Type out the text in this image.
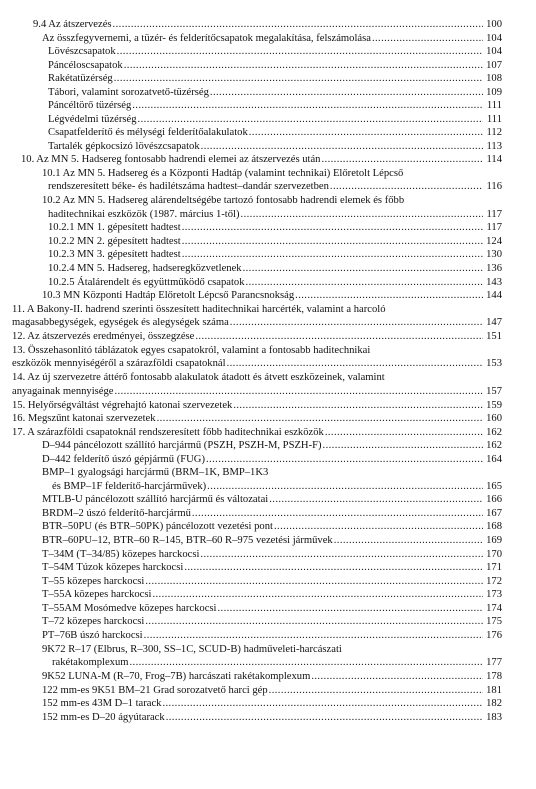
9.4 Az átszervezés .....	100
Az összfegyvernemi, a tüzér- és felderítőcsapatok megalakítása, felszámolása .....	104
Lövészcsapatok .....	104
Páncéloscsapatok .....	107
Rakétatüzérség .....	108
Tábori, valamint sorozatvető-tüzérség .....	109
Páncéltörő tüzérség .....	111
Légvédelmi tüzérség .....	111
Csapatfelderítő és mélységi felderítőalakulatok .....	112
Tartalék gépkocsizó lövészcsapatok .....	113
10. Az MN 5. Hadsereg fontosabb hadrendi elemei az átszervezés után .....	114
10.1 Az MN 5. Hadsereg és a Központi Hadtáp (valamint technikai) Előretolt Lépcső
rendszeresített béke- és hadilétszáma hadtest–dandár szervezetben .....	116
10.2 Az MN 5. Hadsereg alárendeltségébe tartozó fontosabb hadrendi elemek és főbb
haditechnikai eszközök (1987. március 1-től) .....	117
10.2.1 MN 1. gépesített hadtest .....	117
10.2.2 MN 2. gépesített hadtest .....	124
10.2.3 MN 3. gépesített hadtest .....	130
10.2.4 MN 5. Hadsereg, hadseregközvetlenek .....	136
10.2.5 Átalárendelt és együttműködő csapatok .....	143
10.3 MN Központi Hadtáp Előretolt Lépcső Parancsnokság .....	144
11. A Bakony-II. hadrend szerinti összesített haditechnikai harcérték, valamint a harcoló
magasabbegységek, egységek és alegységek száma .....	147
12. Az átszervezés eredményei, összegzése .....	151
13. Összehasonlító táblázatok egyes csapatokról, valamint a fontosabb haditechnikai
eszközök mennyiségéről a szárazföldi csapatoknál .....	153
14. Az új szervezetre áttérő fontosabb alakulatok átadott és átvett eszközeinek, valamint
anyagainak mennyisége .....	157
15. Helyőrségváltást végrehajtó katonai szervezetek .....	159
16. Megszűnt katonai szervezetek .....	160
17. A szárazföldi csapatoknál rendszeresített főbb haditechnikai eszközök .....	162
D–944 páncélozott szállító harcjármű (PSZH, PSZH-M, PSZH-F) .....	162
D–442 felderítő úszó gépjármű (FUG) .....	164
BMP–1 gyalogsági harcjármű (BRM–1K, BMP–1K3
és BMP–1F felderítő-harcjárművek) .....	165
MTLB-U páncélozott szállító harcjármű és változatai .....	166
BRDM–2 úszó felderítő-harcjármű .....	167
BTR–50PU (és BTR–50PK) páncélozott vezetési pont .....	168
BTR–60PU–12, BTR–60 R–145, BTR–60 R–975 vezetési járművek .....	169
T–34M (T–34/85) közepes harckocsi .....	170
T–54M Túzok közepes harckocsi .....	171
T–55 közepes harckocsi .....	172
T–55A közepes harckocsi .....	173
T–55AM Mosómedve közepes harckocsi .....	174
T–72 közepes harckocsi .....	175
PT–76B úszó harckocsi .....	176
9K72 R–17 (Elbrus, R–300, SS–1C, SCUD-B) hadműveleti-harcászati
rakétakomplexum .....	177
9K52 LUNA-M (R–70, Frog–7B) harcászati rakétakomplexum .....	178
122 mm-es 9K51 BM–21 Grad sorozatvető harci gép .....	181
152 mm-es 43M D–1 tarack .....	182
152 mm-es D–20 ágyútarack .....	183
